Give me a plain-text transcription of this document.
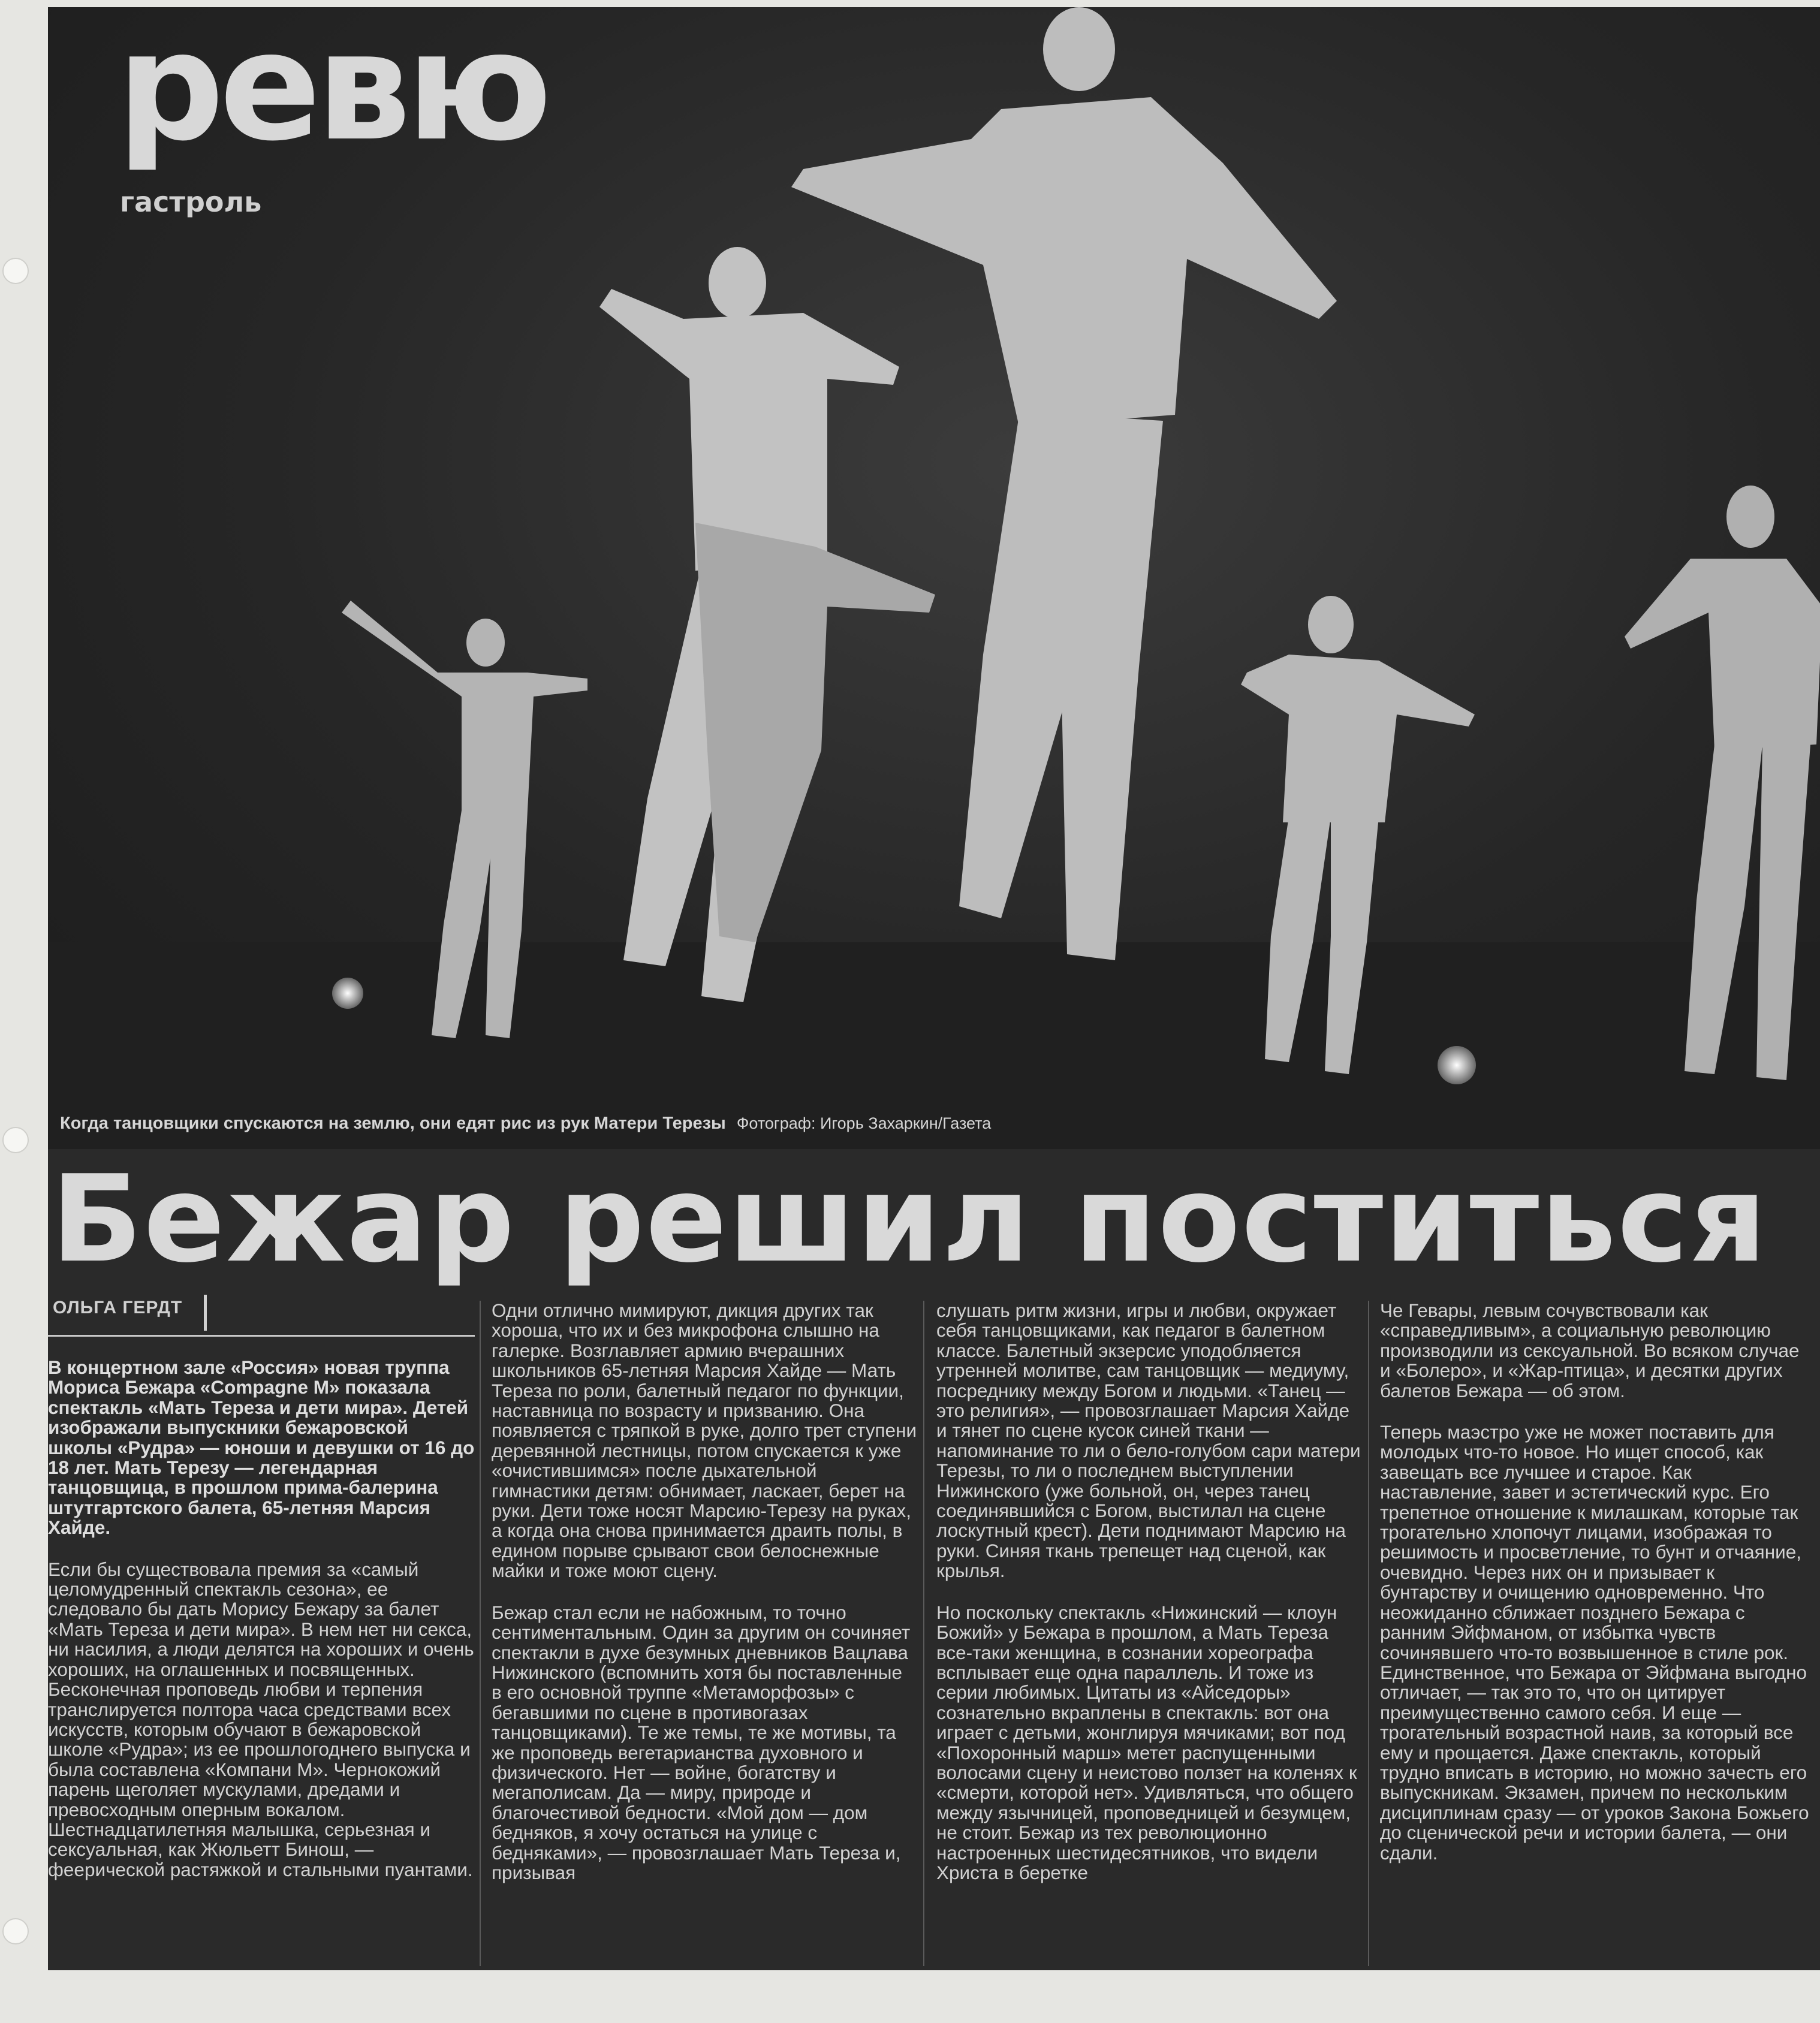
ревю
гастроль
Когда танцовщики спускаются на землю, они едят рис из рук Матери Терезы Фотограф: Игорь Захаркин/Газета
Бежар решил поститься
ОЛЬГА ГЕРДТ

В концертном зале «Россия» новая труппа Мориса Бежара «Compagne M» показала спектакль «Мать Тереза и дети мира». Детей изображали выпускники бежаровской школы «Рудра» — юноши и девушки от 16 до 18 лет. Мать Терезу — легендарная танцовщица, в прошлом прима-балерина штутгартского балета, 65-летняя Марсия Хайде.

Если бы существовала премия за «самый целомудренный спектакль сезона», ее следовало бы дать Морису Бежару за балет «Мать Тереза и дети мира». В нем нет ни секса, ни насилия, а люди делятся на хороших и очень хороших, на оглашенных и посвященных. Бесконечная проповедь любви и терпения транслируется полтора часа средствами всех искусств, которым обучают в бежаровской школе «Рудра»; из ее прошлогоднего выпуска и была составлена «Компани М». Чернокожий парень щеголяет мускулами, дредами и превосходным оперным вокалом. Шестнадцатилетняя малышка, серьезная и сексуальная, как Жюльетт Бинош, — феерической растяжкой и стальными пуантами.

Одни отлично мимируют, дикция других так хороша, что их и без микрофона слышно на галерке. Возглавляет армию вчерашних школьников 65-летняя Марсия Хайде — Мать Тереза по роли, балетный педагог по функции, наставница по возрасту и призванию. Она появляется с тряпкой в руке, долго трет ступени деревянной лестницы, потом спускается к уже «очистившимся» после дыхательной гимнастики детям: обнимает, ласкает, берет на руки. Дети тоже носят Марсию-Терезу на руках, а когда она снова принимается драить полы, в едином порыве срывают свои белоснежные майки и тоже моют сцену.

Бежар стал если не набожным, то точно сентиментальным. Один за другим он сочиняет спектакли в духе безумных дневников Вацлава Нижинского (вспомнить хотя бы поставленные в его основной труппе «Метаморфозы» с бегавшими по сцене в противогазах танцовщиками). Те же темы, те же мотивы, та же проповедь вегетарианства духовного и физического. Нет — войне, богатству и мегаполисам. Да — миру, природе и благочестивой бедности. «Мой дом — дом бедняков, я хочу остаться на улице с бедняками», — провозглашает Мать Тереза и, призывая

слушать ритм жизни, игры и любви, окружает себя танцовщиками, как педагог в балетном классе. Балетный экзерсис уподобляется утренней молитве, сам танцовщик — медиуму, посреднику между Богом и людьми. «Танец — это религия», — провозглашает Марсия Хайде и тянет по сцене кусок синей ткани — напоминание то ли о бело-голубом сари матери Терезы, то ли о последнем выступлении Нижинского (уже больной, он, через танец соединявшийся с Богом, выстилал на сцене лоскутный крест). Дети поднимают Марсию на руки. Синяя ткань трепещет над сценой, как крылья.

Но поскольку спектакль «Нижинский — клоун Божий» у Бежара в прошлом, а Мать Тереза все-таки женщина, в сознании хореографа всплывает еще одна параллель. И тоже из серии любимых. Цитаты из «Айседоры» сознательно вкраплены в спектакль: вот она играет с детьми, жонглируя мячиками; вот под «Похоронный марш» метет распущенными волосами сцену и неистово ползет на коленях к «смерти, которой нет». Удивляться, что общего между язычницей, проповедницей и безумцем, не стоит. Бежар из тех революционно настроенных шестидесятников, что видели Христа в беретке

Че Гевары, левым сочувствовали как «справедливым», а социальную революцию производили из сексуальной. Во всяком случае и «Болеро», и «Жар-птица», и десятки других балетов Бежара — об этом.

Теперь маэстро уже не может поставить для молодых что-то новое. Но ищет способ, как завещать все лучшее и старое. Как наставление, завет и эстетический курс. Его трепетное отношение к милашкам, которые так трогательно хлопочут лицами, изображая то решимость и просветление, то бунт и отчаяние, очевидно. Через них он и призывает к бунтарству и очищению одновременно. Что неожиданно сближает позднего Бежара с ранним Эйфманом, от избытка чувств сочинявшего что-то возвышенное в стиле рок. Единственное, что Бежара от Эйфмана выгодно отличает, — так это то, что он цитирует преимущественно самого себя. И еще — трогательный возрастной наив, за который все ему и прощается. Даже спектакль, который трудно вписать в историю, но можно зачесть его выпускникам. Экзамен, причем по нескольким дисциплинам сразу — от уроков Закона Божьего до сценической речи и истории балета, — они сдали.
